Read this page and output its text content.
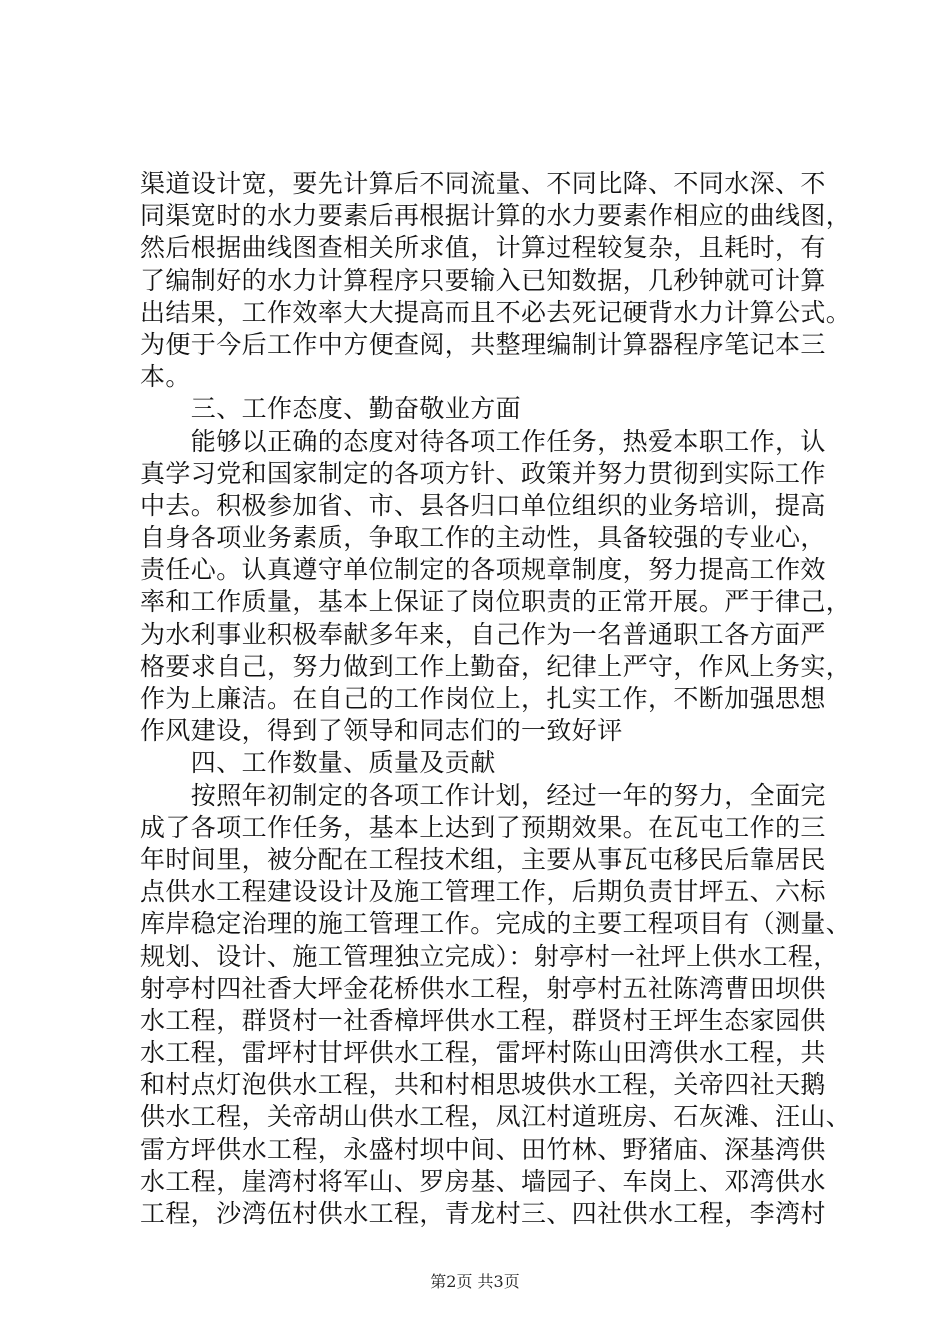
渠道设计宽，要先计算后不同流量、不同比降、不同水深、不
同渠宽时的水力要素后再根据计算的水力要素作相应的曲线图，
然后根据曲线图查相关所求值，计算过程较复杂，且耗时，有
了编制好的水力计算程序只要输入已知数据，几秒钟就可计算
出结果，工作效率大大提高而且不必去死记硬背水力计算公式。
为便于今后工作中方便查阅，共整理编制计算器程序笔记本三
本。
　　三、工作态度、勤奋敬业方面
　　能够以正确的态度对待各项工作任务，热爱本职工作，认
真学习党和国家制定的各项方针、政策并努力贯彻到实际工作
中去。积极参加省、市、县各归口单位组织的业务培训，提高
自身各项业务素质，争取工作的主动性，具备较强的专业心，
责任心。认真遵守单位制定的各项规章制度，努力提高工作效
率和工作质量，基本上保证了岗位职责的正常开展。严于律己，
为水利事业积极奉献多年来，自己作为一名普通职工各方面严
格要求自己，努力做到工作上勤奋，纪律上严守，作风上务实，
作为上廉洁。在自己的工作岗位上，扎实工作，不断加强思想
作风建设，得到了领导和同志们的一致好评
　　四、工作数量、质量及贡献
　　按照年初制定的各项工作计划，经过一年的努力，全面完
成了各项工作任务，基本上达到了预期效果。在瓦屯工作的三
年时间里，被分配在工程技术组，主要从事瓦屯移民后靠居民
点供水工程建设设计及施工管理工作，后期负责甘坪五、六标
库岸稳定治理的施工管理工作。完成的主要工程项目有（测量、
规划、设计、施工管理独立完成）：射亭村一社坪上供水工程，
射亭村四社香大坪金花桥供水工程，射亭村五社陈湾曹田坝供
水工程，群贤村一社香樟坪供水工程，群贤村王坪生态家园供
水工程，雷坪村甘坪供水工程，雷坪村陈山田湾供水工程，共
和村点灯泡供水工程，共和村相思坡供水工程，关帝四社天鹅
供水工程，关帝胡山供水工程，凤江村道班房、石灰滩、汪山、
雷方坪供水工程，永盛村坝中间、田竹林、野猪庙、深基湾供
水工程，崖湾村将军山、罗房基、墙园子、车岗上、邓湾供水
工程，沙湾伍村供水工程，青龙村三、四社供水工程，李湾村
第2页 共3页
